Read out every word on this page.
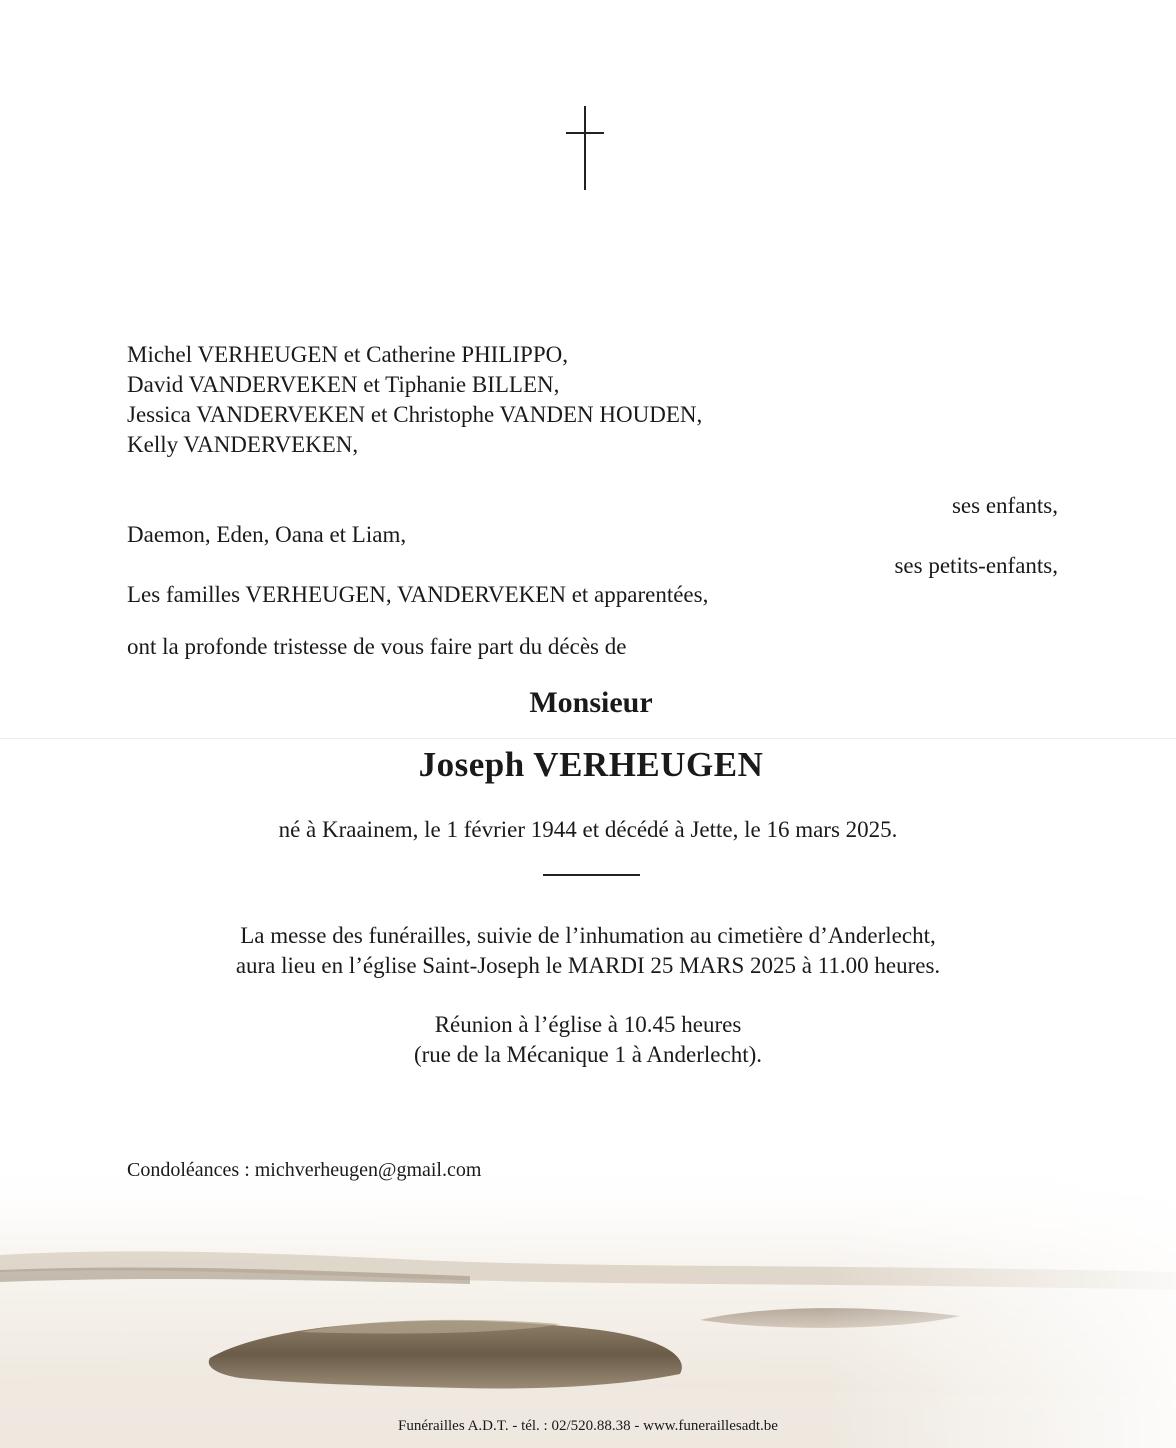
Michel VERHEUGEN et Catherine PHILIPPO,
David VANDERVEKEN et Tiphanie BILLEN,
Jessica VANDERVEKEN et Christophe VANDEN HOUDEN,
Kelly VANDERVEKEN,
ses enfants,
Daemon, Eden, Oana et Liam,
ses petits-enfants,
Les familles VERHEUGEN, VANDERVEKEN et apparentées,
ont la profonde tristesse de vous faire part du décès de
Monsieur
Joseph VERHEUGEN
né à Kraainem, le 1 février 1944 et décédé à Jette, le 16 mars 2025.
La messe des funérailles, suivie de l’inhumation au cimetière d’Anderlecht,
aura lieu en l’église Saint-Joseph le MARDI 25 MARS 2025 à 11.00 heures.
Réunion à l’église à 10.45 heures
(rue de la Mécanique 1 à Anderlecht).
Condoléances : michverheugen@gmail.com
Funérailles A.D.T. - tél. : 02/520.88.38 - www.funeraillesadt.be
